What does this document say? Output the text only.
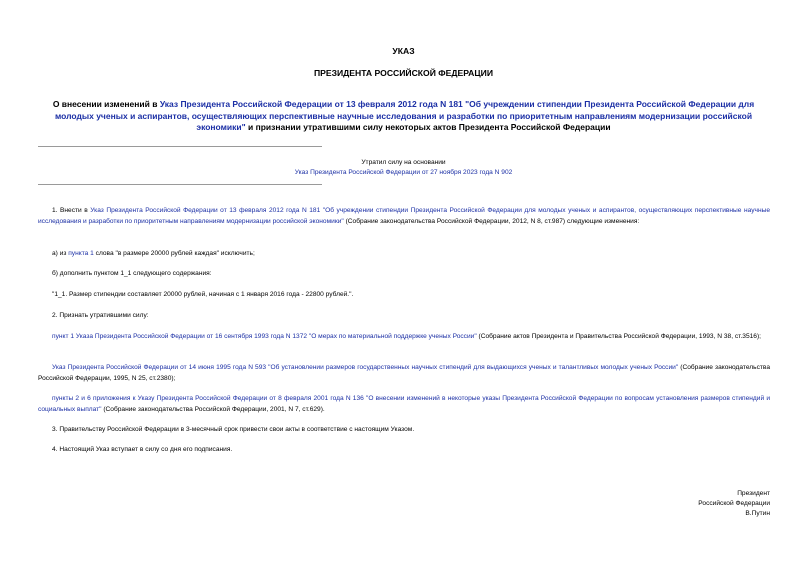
УКАЗ
ПРЕЗИДЕНТА РОССИЙСКОЙ ФЕДЕРАЦИИ
О внесении изменений в Указ Президента Российской Федерации от 13 февраля 2012 года N 181 "Об учреждении стипендии Президента Российской Федерации для молодых ученых и аспирантов, осуществляющих перспективные научные исследования и разработки по приоритетным направлениям модернизации российской экономики" и признании утратившими силу некоторых актов Президента Российской Федерации
Утратил силу на основании
Указ Президента Российской Федерации от 27 ноября 2023 года N 902
1. Внести в Указ Президента Российской Федерации от 13 февраля 2012 года N 181 "Об учреждении стипендии Президента Российской Федерации для молодых ученых и аспирантов, осуществляющих перспективные научные исследования и разработки по приоритетным направлениям модернизации российской экономики" (Собрание законодательства Российской Федерации, 2012, N 8, ст.987) следующие изменения:
а) из пункта 1 слова "в размере 20000 рублей каждая" исключить;
б) дополнить пунктом 1_1 следующего содержания:
"1_1. Размер стипендии составляет 20000 рублей, начиная с 1 января 2016 года - 22800 рублей.".
2. Признать утратившими силу:
пункт 1 Указа Президента Российской Федерации от 16 сентября 1993 года N 1372 "О мерах по материальной поддержке ученых России" (Собрание актов Президента и Правительства Российской Федерации, 1993, N 38, ст.3516);
Указ Президента Российской Федерации от 14 июня 1995 года N 593 "Об установлении размеров государственных научных стипендий для выдающихся ученых и талантливых молодых ученых России" (Собрание законодательства Российской Федерации, 1995, N 25, ст.2380);
пункты 2 и 6 приложения к Указу Президента Российской Федерации от 8 февраля 2001 года N 136 "О внесении изменений в некоторые указы Президента Российской Федерации по вопросам установления размеров стипендий и социальных выплат" (Собрание законодательства Российской Федерации, 2001, N 7, ст.629).
3. Правительству Российской Федерации в 3-месячный срок привести свои акты в соответствие с настоящим Указом.
4. Настоящий Указ вступает в силу со дня его подписания.
Президент
Российской Федерации
В.Путин
